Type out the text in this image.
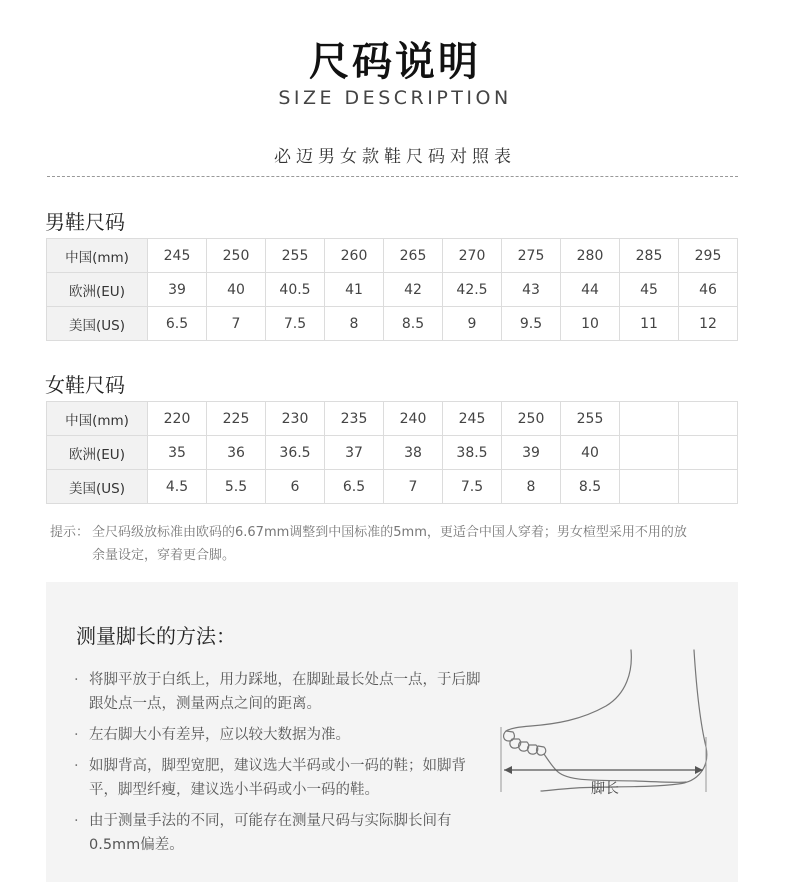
尺码说明
SIZE DESCRIPTION
必迈男女款鞋尺码对照表
男鞋尺码
中国(mm)	245	250	255	260	265	270	275	280	285	295
欧洲(EU)	39	40	40.5	41	42	42.5	43	44	45	46
美国(US)	6.5	7	7.5	8	8.5	9	9.5	10	11	12
女鞋尺码
中国(mm)	220	225	230	235	240	245	250	255		
欧洲(EU)	35	36	36.5	37	38	38.5	39	40		
美国(US)	4.5	5.5	6	6.5	7	7.5	8	8.5		
提示： 全尺码级放标准由欧码的6.67mm调整到中国标准的5mm，更适合中国人穿着；男女楦型采用不用的放
余量设定，穿着更合脚。
测量脚长的方法：
· 将脚平放于白纸上，用力踩地，在脚趾最长处点一点，于后脚跟处点一点，测量两点之间的距离。
· 左右脚大小有差异，应以较大数据为准。
· 如脚背高，脚型宽肥，建议选大半码或小一码的鞋；如脚背平，脚型纤瘦，建议选小半码或小一码的鞋。
· 由于测量手法的不同，可能存在测量尺码与实际脚长间有0.5mm偏差。
脚长
